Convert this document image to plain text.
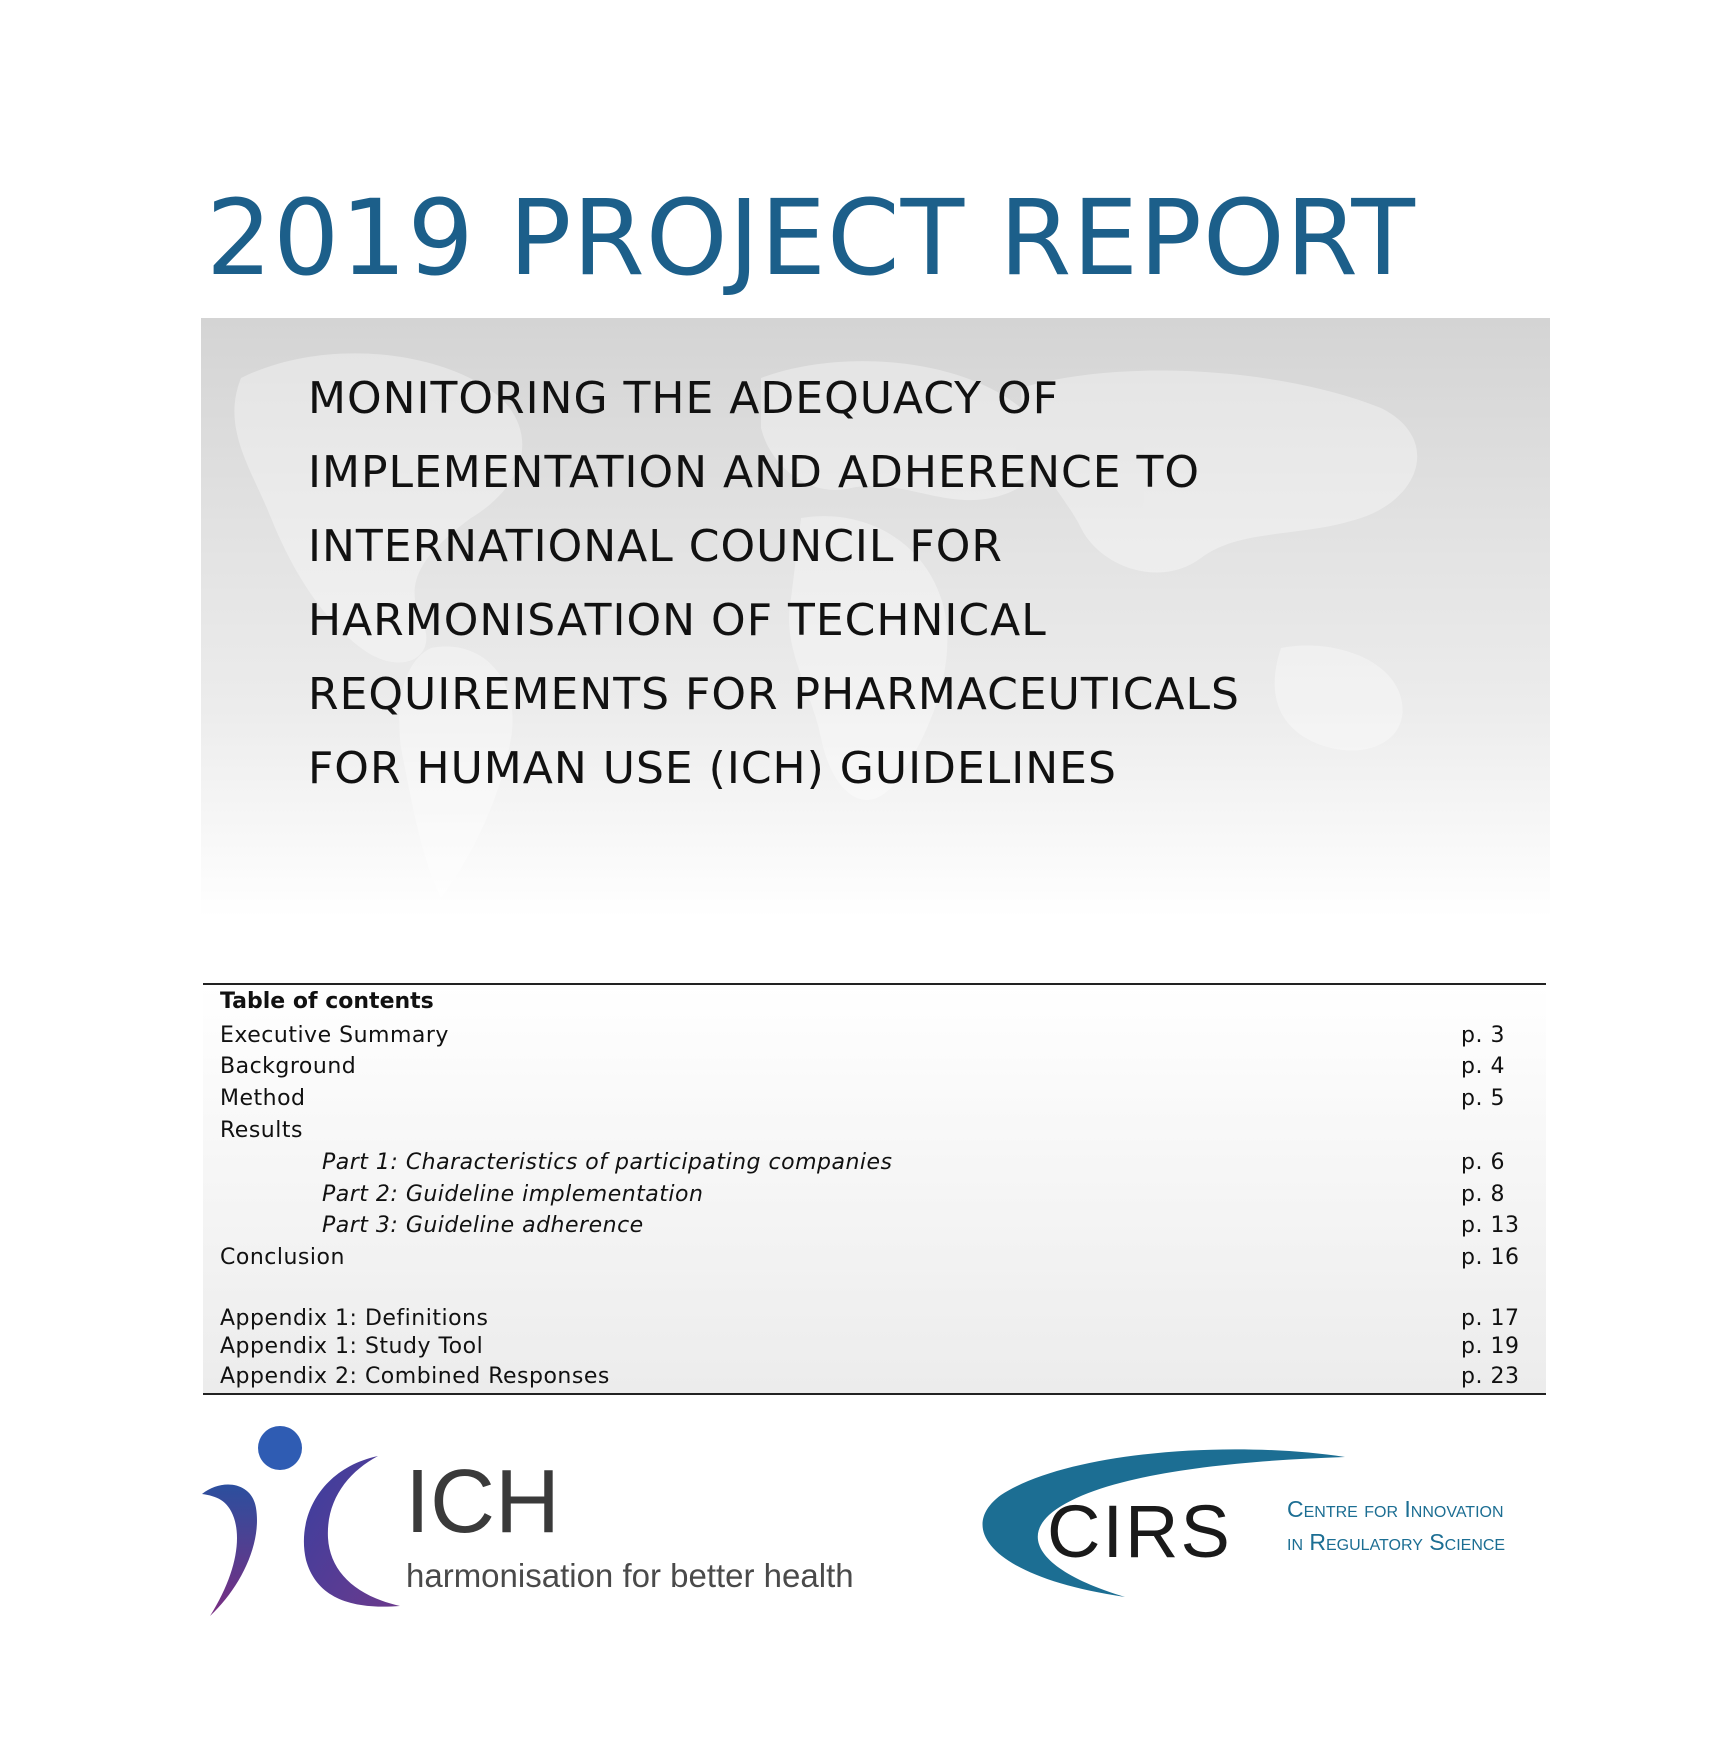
2019 PROJECT REPORT
MONITORING THE ADEQUACY OF
IMPLEMENTATION AND ADHERENCE TO
INTERNATIONAL COUNCIL FOR
HARMONISATION OF TECHNICAL
REQUIREMENTS FOR PHARMACEUTICALS
FOR HUMAN USE (ICH) GUIDELINES
Table of contents
Executive Summary	p. 3
Background	p. 4
Method	p. 5
Results
Part 1: Characteristics of participating companies	p. 6
Part 2: Guideline implementation	p. 8
Part 3: Guideline adherence	p. 13
Conclusion	p. 16
Appendix 1: Definitions	p. 17
Appendix 1: Study Tool	p. 19
Appendix 2: Combined Responses	p. 23
ICH
harmonisation for better health
CIRS Centre for Innovation
in Regulatory Science
